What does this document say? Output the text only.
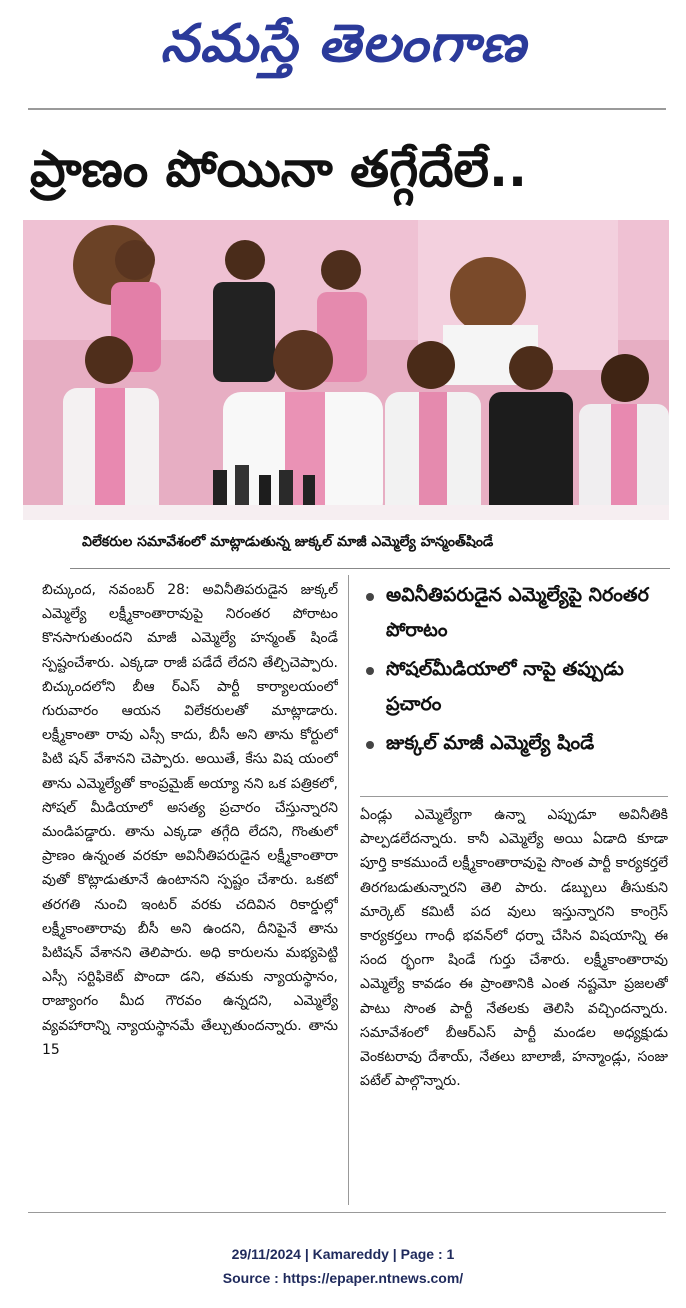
నమస్తే తెలంగాణ
ప్రాణం పోయినా తగ్గేదేలే..
విలేకరుల సమావేశంలో మాట్లాడుతున్న జుక్కల్ మాజీ ఎమ్మెల్యే హన్మంత్‌షిండే
బిచ్కుంద, నవంబర్ 28: అవినీతిపరుడైన జుక్కల్ ఎమ్మెల్యే లక్ష్మీకాంతారావుపై నిరంతర పోరాటం కొనసాగుతుందని మాజీ ఎమ్మెల్యే హన్మంత్ షిండే స్పష్టంచేశారు. ఎక్కడా రాజీ పడేదే లేదని తేల్చిచెప్పారు. బిచ్కుందలోని బీఆ ర్ఎస్ పార్టీ కార్యాలయంలో గురువారం ఆయన విలేకరులతో మాట్లాడారు. లక్ష్మీకాంతా రావు ఎస్సీ కాదు, బీసీ అని తాను కోర్టులో పిటి షన్ వేశానని చెప్పారు. అయితే, కేసు విష యంలో తాను ఎమ్మెల్యేతో కాంప్రమైజ్ అయ్యా నని ఒక పత్రికలో, సోషల్ మీడియాలో అసత్య ప్రచారం చేస్తున్నారని మండిపడ్డారు. తాను ఎక్కడా తగ్గేది లేదని, గొంతులో ప్రాణం ఉన్నంత వరకూ అవినీతిపరుడైన లక్ష్మీకాంతారా వుతో కొట్లాడుతూనే ఉంటానని స్పష్టం చేశారు. ఒకటో తరగతి నుంచి ఇంటర్ వరకు చదివిన రికార్డుల్లో లక్ష్మీకాంతారావు బీసీ అని ఉందని, దీనిపైనే తాను పిటిషన్ వేశానని తెలిపారు. అధి కారులను మభ్యపెట్టి ఎస్సీ సర్టిఫికెట్ పొందా డని, తమకు న్యాయస్థానం, రాజ్యాంగం మీద గౌరవం ఉన్నదని, ఎమ్మెల్యే వ్యవహారాన్ని న్యాయస్థానమే తేల్చుతుందన్నారు. తాను 15
అవినీతిపరుడైన ఎమ్మెల్యేపై నిరంతర పోరాటం
సోషల్‌మీడియాలో నాపై తప్పుడు ప్రచారం
జుక్కల్ మాజీ ఎమ్మెల్యే షిండే
ఏండ్లు ఎమ్మెల్యేగా ఉన్నా ఎప్పుడూ అవినీతికి పాల్పడలేదన్నారు. కానీ ఎమ్మెల్యే అయి ఏడాది కూడా పూర్తి కాకముందే లక్ష్మీకాంతారావుపై సొంత పార్టీ కార్యకర్తలే తిరగబడుతున్నారని తెలి పారు. డబ్బులు తీసుకుని మార్కెట్ కమిటీ పద వులు ఇస్తున్నారని కాంగ్రెస్ కార్యకర్తలు గాంధీ భవన్‌లో ధర్నా చేసిన విషయాన్ని ఈ సంద ర్భంగా షిండే గుర్తు చేశారు. లక్ష్మీకాంతారావు ఎమ్మెల్యే కావడం ఈ ప్రాంతానికి ఎంత నష్టమో ప్రజలతో పాటు సొంత పార్టీ నేతలకు తెలిసి వచ్చిందన్నారు. సమావేశంలో బీఆర్ఎస్ పార్టీ మండల అధ్యక్షుడు వెంకటరావు దేశాయ్, నేతలు బాలాజీ, హన్మాండ్లు, సంజు పటేల్ పాల్గొన్నారు.
29/11/2024 | Kamareddy | Page : 1
Source : https://epaper.ntnews.com/
